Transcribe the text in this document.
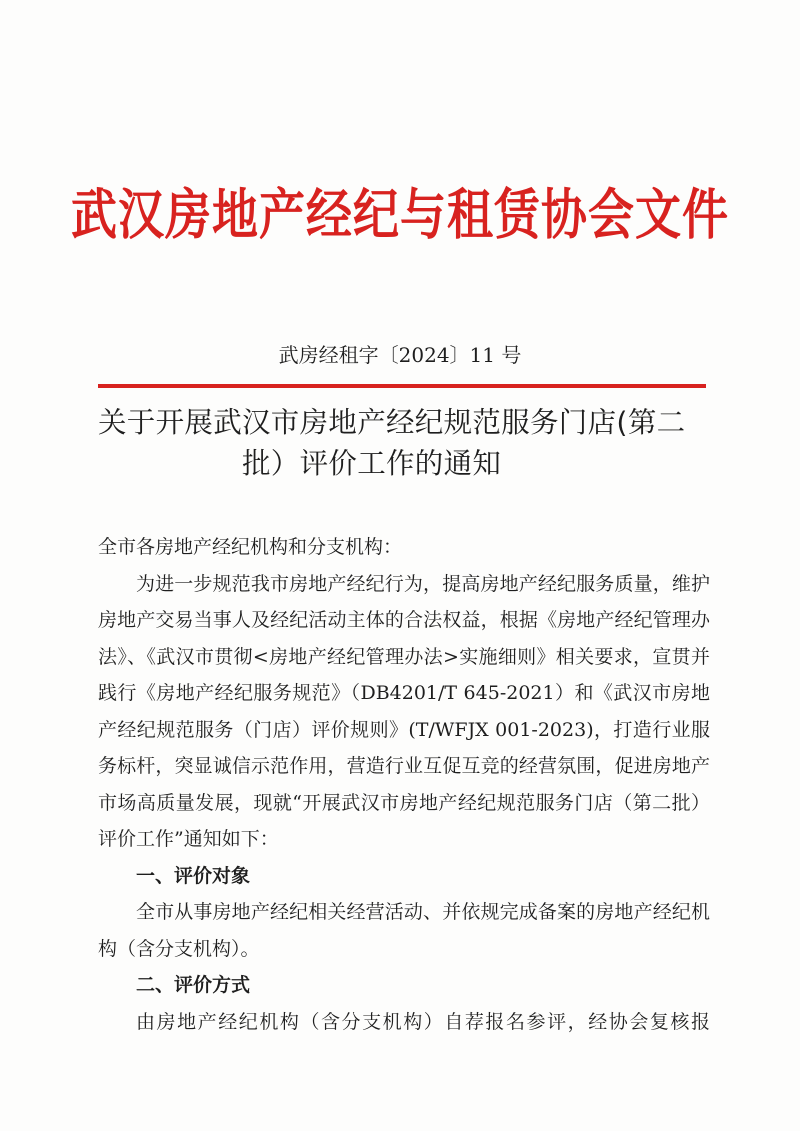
武汉房地产经纪与租赁协会文件
武房经租字〔2024〕11 号
关于开展武汉市房地产经纪规范服务门店(第二
批）评价工作的通知

全市各房地产经纪机构和分支机构：

为进一步规范我市房地产经纪行为，提高房地产经纪服务质量，维护房地产交易当事人及经纪活动主体的合法权益，根据《房地产经纪管理办法》、《武汉市贯彻<房地产经纪管理办法>实施细则》相关要求，宣贯并践行《房地产经纪服务规范》（DB4201/T 645-2021）和《武汉市房地产经纪规范服务（门店）评价规则》(T/WFJX 001-2023)，打造行业服务标杆，突显诚信示范作用，营造行业互促互竞的经营氛围，促进房地产市场高质量发展，现就“开展武汉市房地产经纪规范服务门店（第二批）评价工作”通知如下：

一、评价对象

全市从事房地产经纪相关经营活动、并依规完成备案的房地产经纪机构（含分支机构）。

二、评价方式

由房地产经纪机构（含分支机构）自荐报名参评，经协会复核报
